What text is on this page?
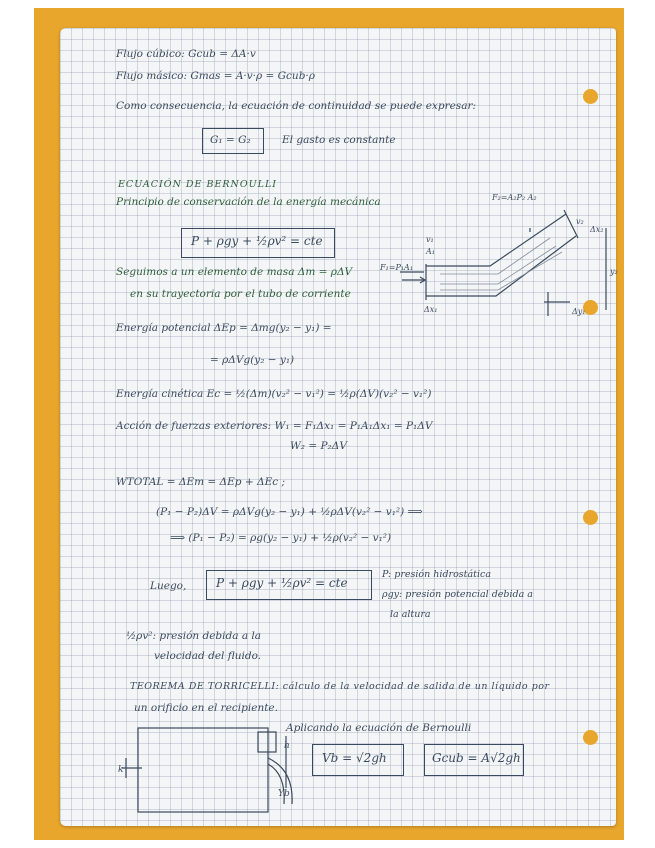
Flujo cúbico: Gcub = ΔA·v
Flujo másico: Gmas = A·v·ρ = Gcub·ρ
Como consecuencia, la ecuación de continuidad se puede expresar:
G₁ = G₂	El gasto es constante
ECUACIÓN DE BERNOULLI
Principio de conservación de la energía mecánica
P + ρgy + ½ρv² = cte
Seguimos a un elemento de masa Δm = ρΔV
en su trayectoria por el tubo de corriente
F₂=A₂P₂ A₂
v₁
A₁
F₁=P₁A₁
Δx₁	Δy₁
Δx₂
y₂
v₂
Energía potencial ΔEp = Δmg(y₂ − y₁) =
= ρΔVg(y₂ − y₁)
Energía cinética Ec = ½(Δm)(v₂² − v₁²) = ½ρ(ΔV)(v₂² − v₁²)
Acción de fuerzas exteriores: W₁ = F₁Δx₁ = P₁A₁Δx₁ = P₁ΔV
W₂ = P₂ΔV
WTOTAL = ΔEm = ΔEp + ΔEc ;
(P₁ − P₂)ΔV = ρΔVg(y₂ − y₁) + ½ρΔV(v₂² − v₁²) ⟹
⟹ (P₁ − P₂) = ρg(y₂ − y₁) + ½ρ(v₂² − v₁²)
Luego, P + ρgy + ½ρv² = cte
P: presión hidrostática
ρgy: presión potencial debida a
la altura
½ρv²: presión debida a la
velocidad del fluido.
TEOREMA DE TORRICELLI: cálculo de la velocidad de salida de un líquido por
un orificio en el recipiente.
Aplicando la ecuación de Bernoulli
Vb = √2gh	Gcub = A√2gh
h
Yb
k
